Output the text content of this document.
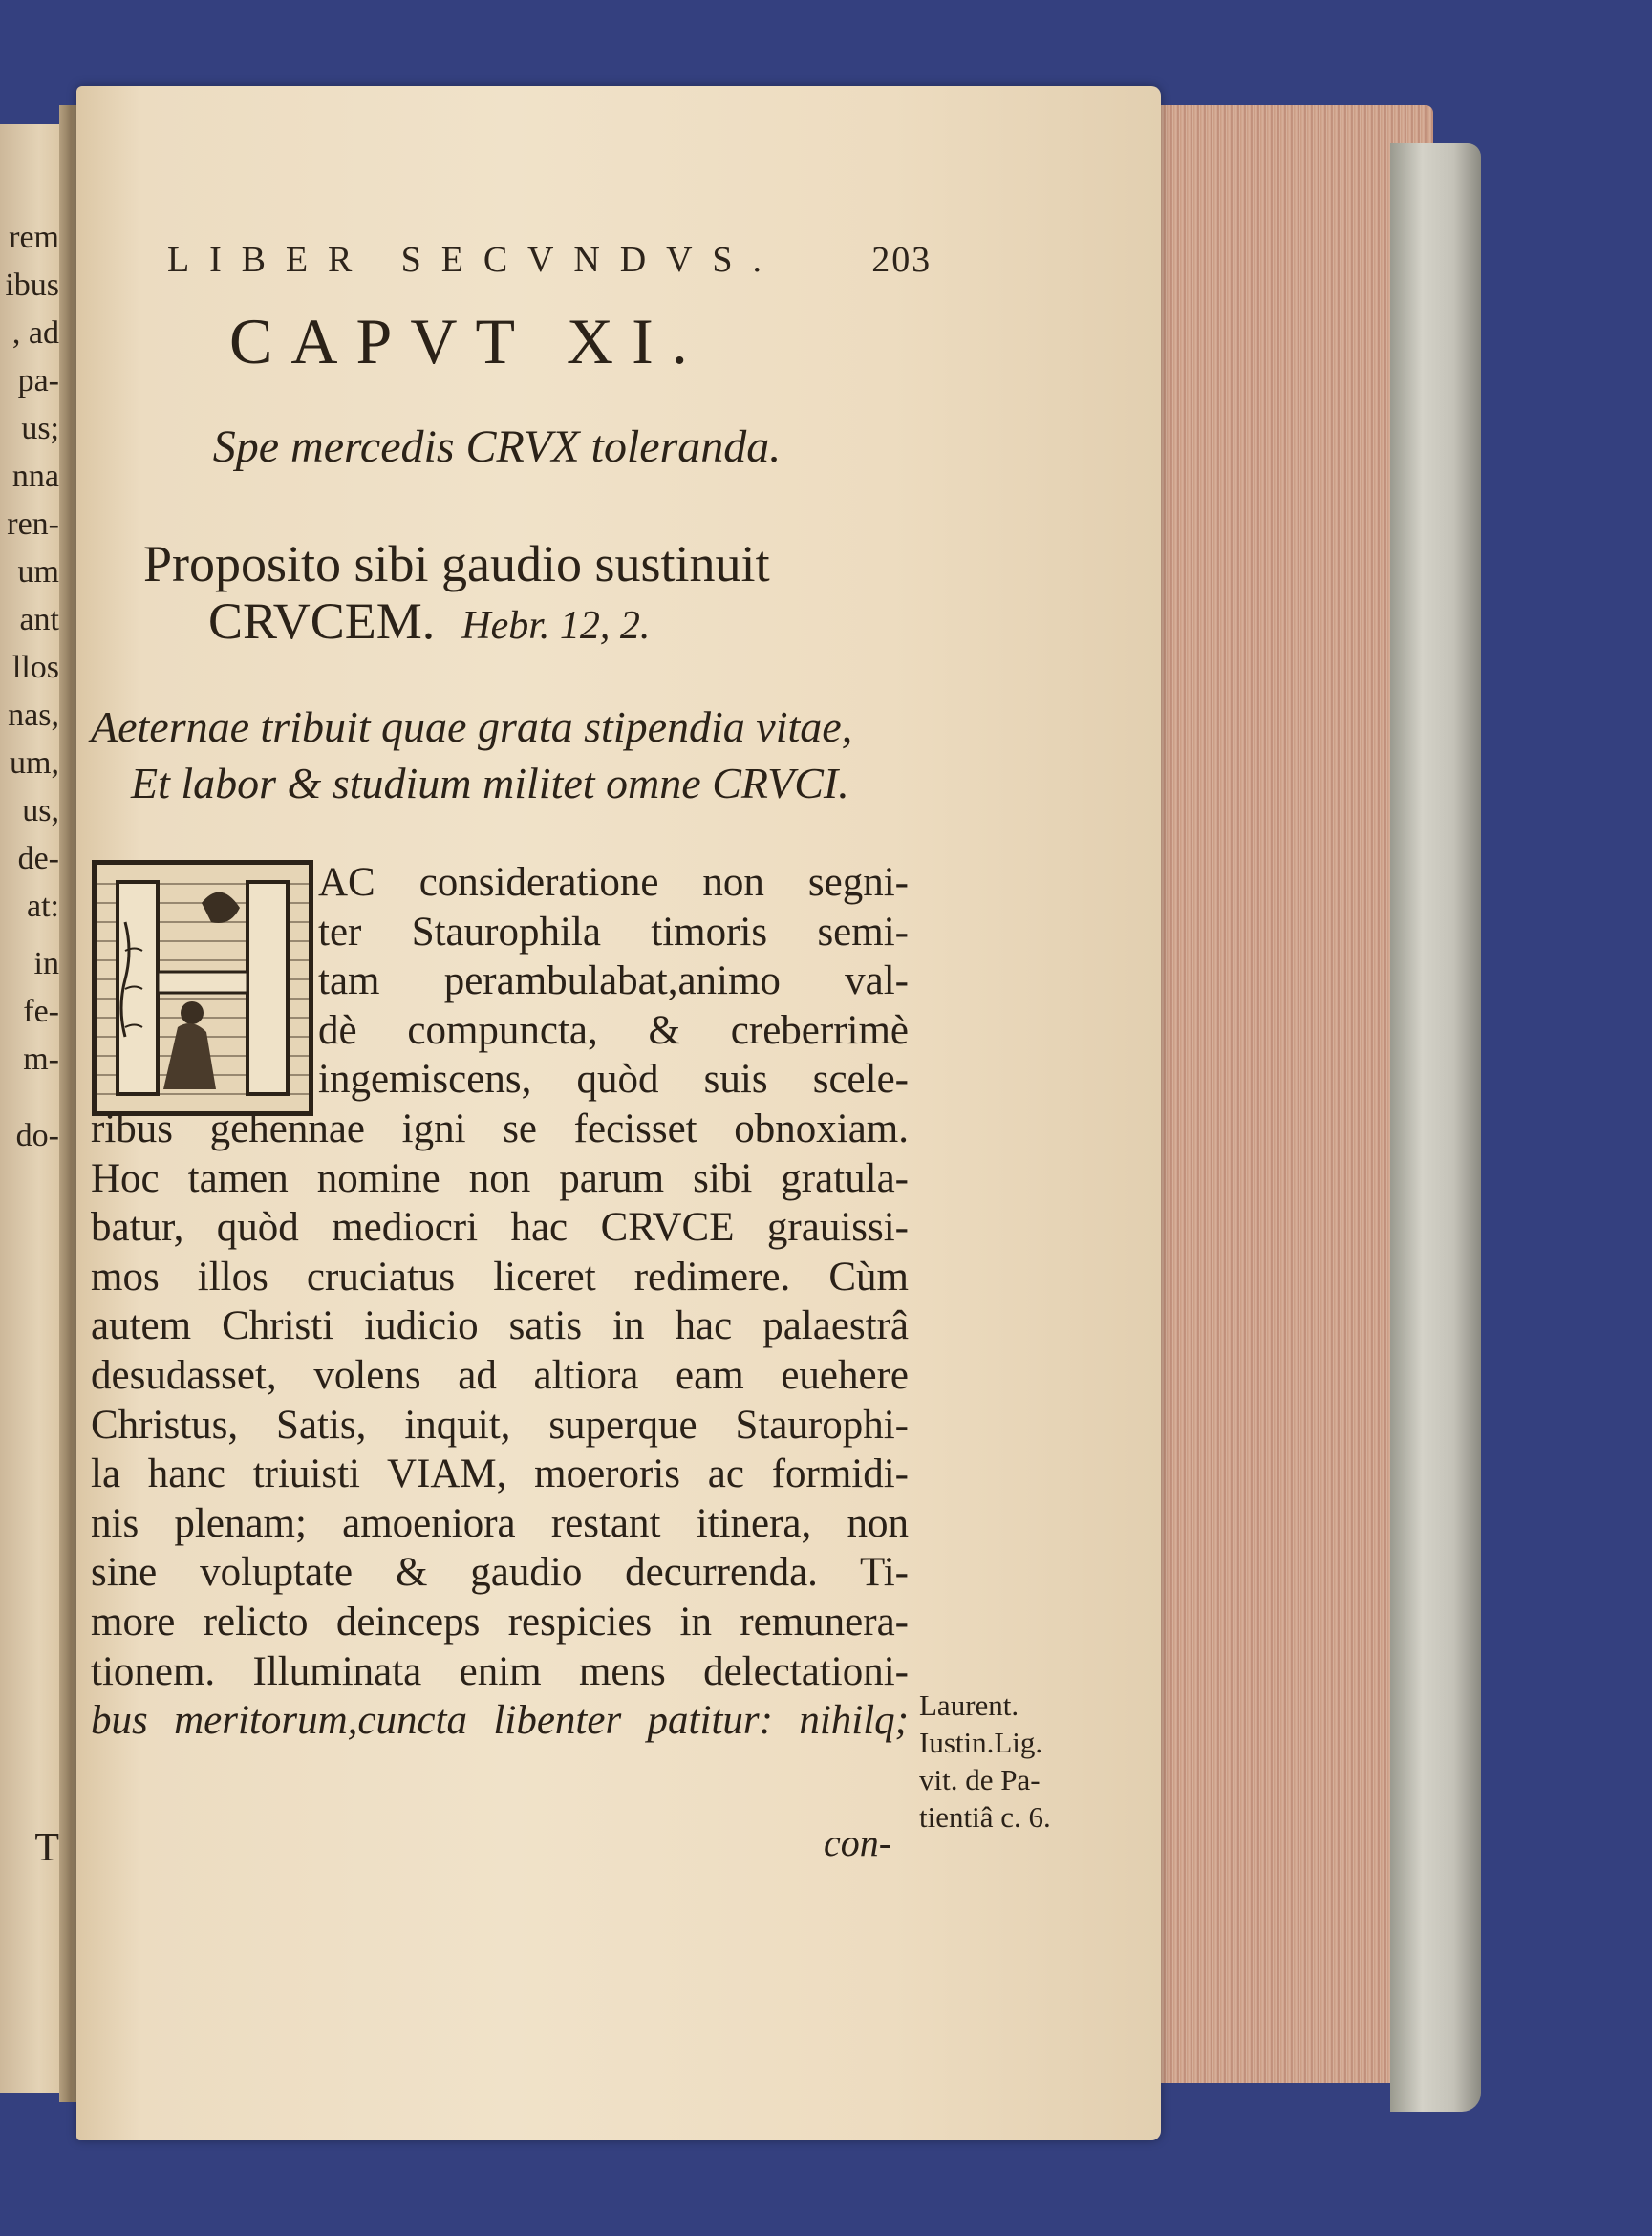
rem
ibus
, ad
pa-
us;
nna
ren-
um
ant
llos
nas,
um,
us,
de-
at:
in
fe-
m-
do-
T
LIBER SECVNDVS. 203
CAPVT XI.
Spe mercedis CRVX toleranda.
Proposito sibi gaudio sustinuit
CRVCEM. Hebr. 12, 2.
Aeternae tribuit quae grata stipendia vitae,
Et labor & studium militet omne CRVCI.
AC consideratione non segni-
ter Staurophila timoris semi-
tam perambulabat,animo val-
dè compuncta, & creberrimè
ingemiscens, quòd suis scele-
ribus gehennae igni se fecisset obnoxiam.
Hoc tamen nomine non parum sibi gratula-
batur, quòd mediocri hac CRVCE grauissi-
mos illos cruciatus liceret redimere. Cùm
autem Christi iudicio satis in hac palaestrâ
desudasset, volens ad altiora eam euehere
Christus, Satis, inquit, superque Staurophi-
la hanc triuisti VIAM, moeroris ac formidi-
nis plenam; amoeniora restant itinera, non
sine voluptate & gaudio decurrenda. Ti-
more relicto deinceps respicies in remunera-
tionem. Illuminata enim mens delectationi-
bus meritorum,cuncta libenter patitur: nihilq;
con-
Laurent.
Iustin.Lig.
vit. de Pa-
tientiâ c. 6.
